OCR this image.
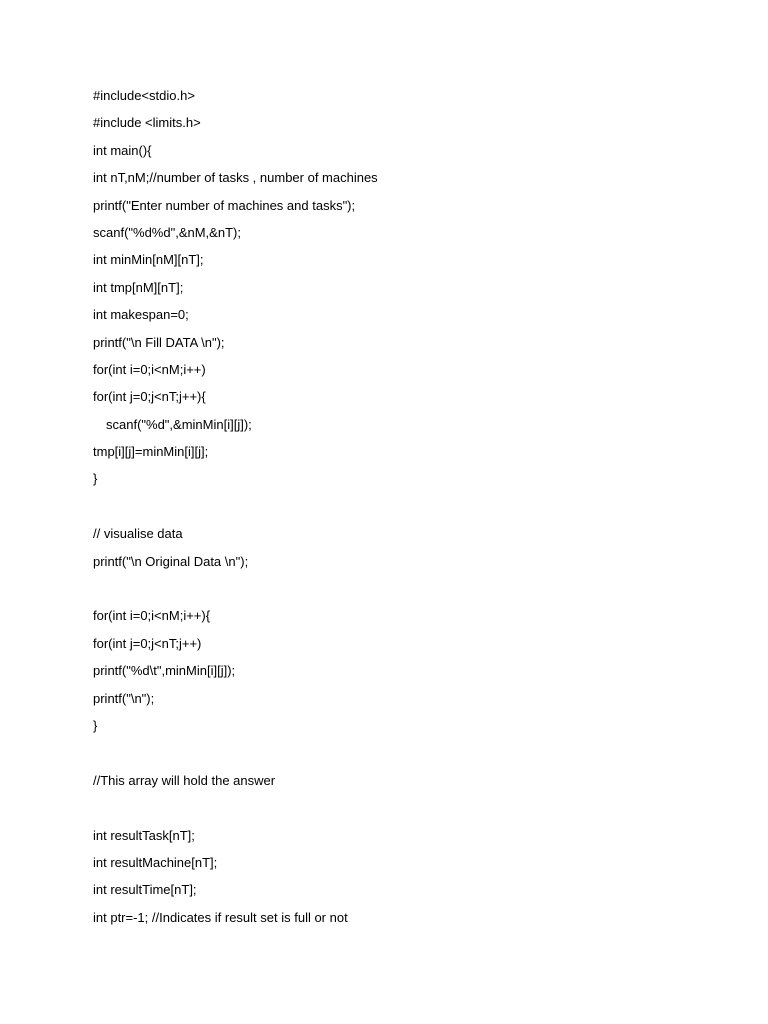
#include<stdio.h>
#include <limits.h>
int main(){
int nT,nM;//number of tasks , number of machines
printf("Enter number of machines and tasks");
scanf("%d%d",&nM,&nT);
int minMin[nM][nT];
int tmp[nM][nT];
int makespan=0;
printf("\n Fill DATA \n");
for(int i=0;i<nM;i++)
for(int j=0;j<nT;j++){
scanf("%d",&minMin[i][j]);
tmp[i][j]=minMin[i][j];
}
// visualise data
printf("\n Original Data \n");
for(int i=0;i<nM;i++){
for(int j=0;j<nT;j++)
printf("%d\t",minMin[i][j]);
printf("\n");
}
//This array will hold the answer
int resultTask[nT];
int resultMachine[nT];
int resultTime[nT];
int ptr=-1; //Indicates if result set is full or not
